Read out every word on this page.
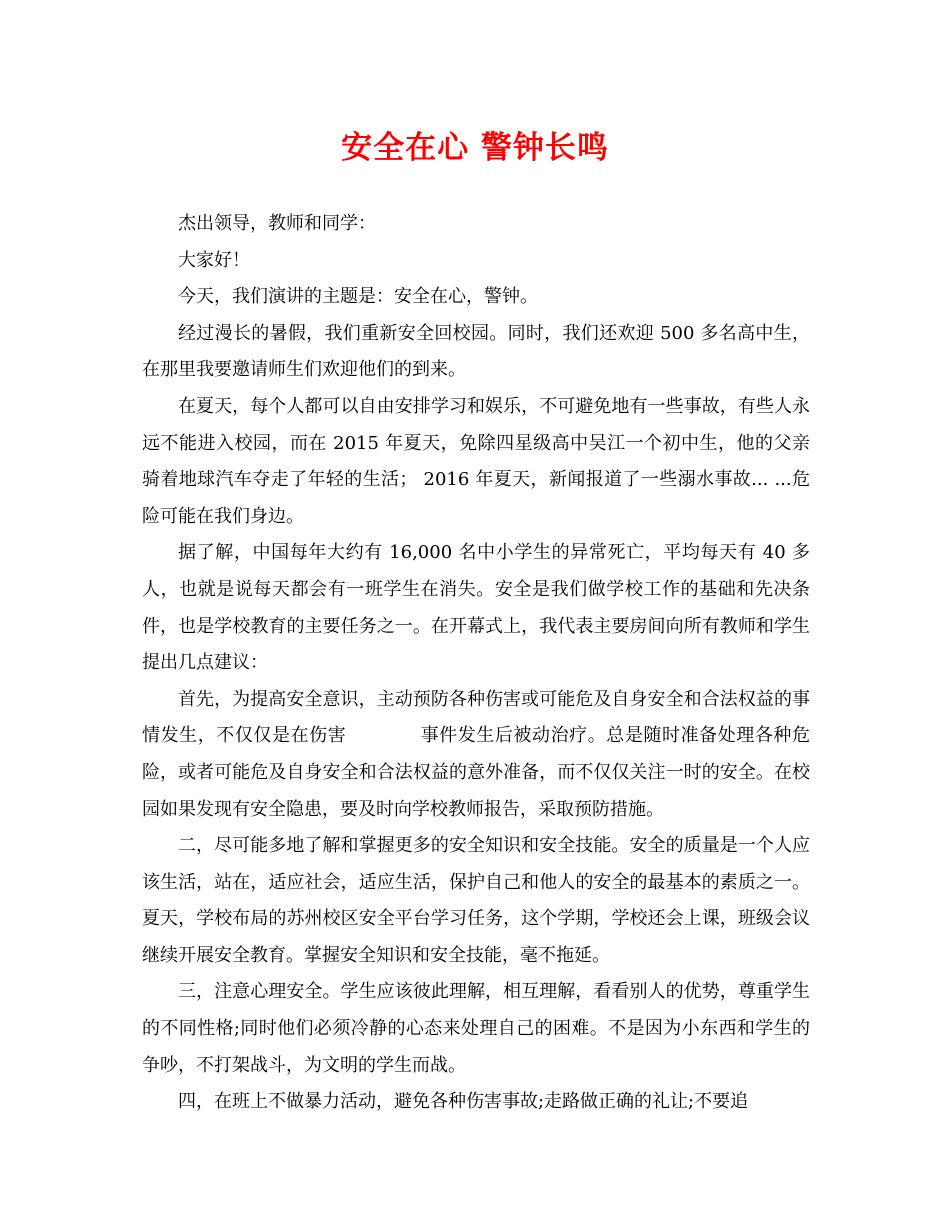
安全在心 警钟长鸣

杰出领导，教师和同学：

大家好！

今天，我们演讲的主题是：安全在心，警钟。

经过漫长的暑假，我们重新安全回校园。同时，我们还欢迎 500 多名高中生，在那里我要邀请师生们欢迎他们的到来。

在夏天，每个人都可以自由安排学习和娱乐，不可避免地有一些事故，有些人永远不能进入校园，而在 2015 年夏天，免除四星级高中吴江一个初中生，他的父亲骑着地球汽车夺走了年轻的生活； 2016 年夏天，新闻报道了一些溺水事故... ...危险可能在我们身边。

据了解，中国每年大约有 16,000 名中小学生的异常死亡，平均每天有 40 多人，也就是说每天都会有一班学生在消失。安全是我们做学校工作的基础和先决条件，也是学校教育的主要任务之一。在开幕式上，我代表主要房间向所有教师和学生提出几点建议：

首先，为提高安全意识，主动预防各种伤害或可能危及自身安全和合法权益的事情发生，不仅仅是在伤害　　　　事件发生后被动治疗。总是随时准备处理各种危险，或者可能危及自身安全和合法权益的意外准备，而不仅仅关注一时的安全。在校园如果发现有安全隐患，要及时向学校教师报告，采取预防措施。

二，尽可能多地了解和掌握更多的安全知识和安全技能。安全的质量是一个人应该生活，站在，适应社会，适应生活，保护自己和他人的安全的最基本的素质之一。夏天，学校布局的苏州校区安全平台学习任务，这个学期，学校还会上课，班级会议继续开展安全教育。掌握安全知识和安全技能，毫不拖延。

三，注意心理安全。学生应该彼此理解，相互理解，看看别人的优势，尊重学生的不同性格;同时他们必须冷静的心态来处理自己的困难。不是因为小东西和学生的争吵，不打架战斗，为文明的学生而战。

四，在班上不做暴力活动，避免各种伤害事故;走路做正确的礼让;不要追
